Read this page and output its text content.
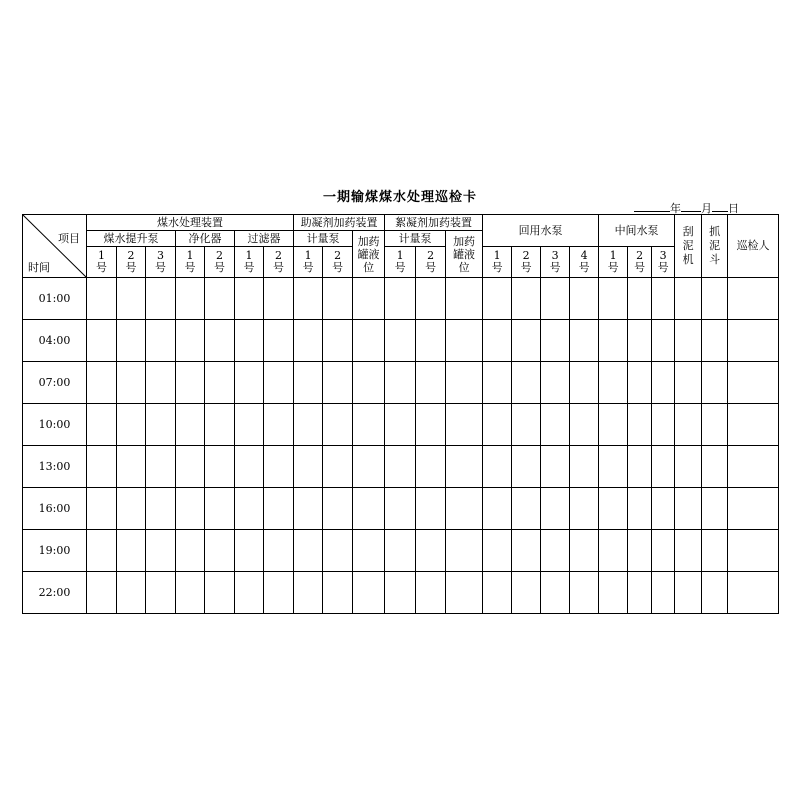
一期输煤煤水处理巡检卡
年 月 日
项目
时间	煤水处理装置							助凝剂加药装置			絮凝剂加药装置			回用水泵				中间水泵			刮泥机	抓泥斗	巡检人
	煤水提升泵			净化器		过滤器		计量泵		加药罐液位	计量泵		加药罐液位										
	1号	2号	3号	1号	2号	1号	2号	1号	2号		1号	2号		1号	2号	3号	4号	1号	2号	3号			
01:00																							
04:00																							
07:00																							
10:00																							
13:00																							
16:00																							
19:00																							
22:00																							
